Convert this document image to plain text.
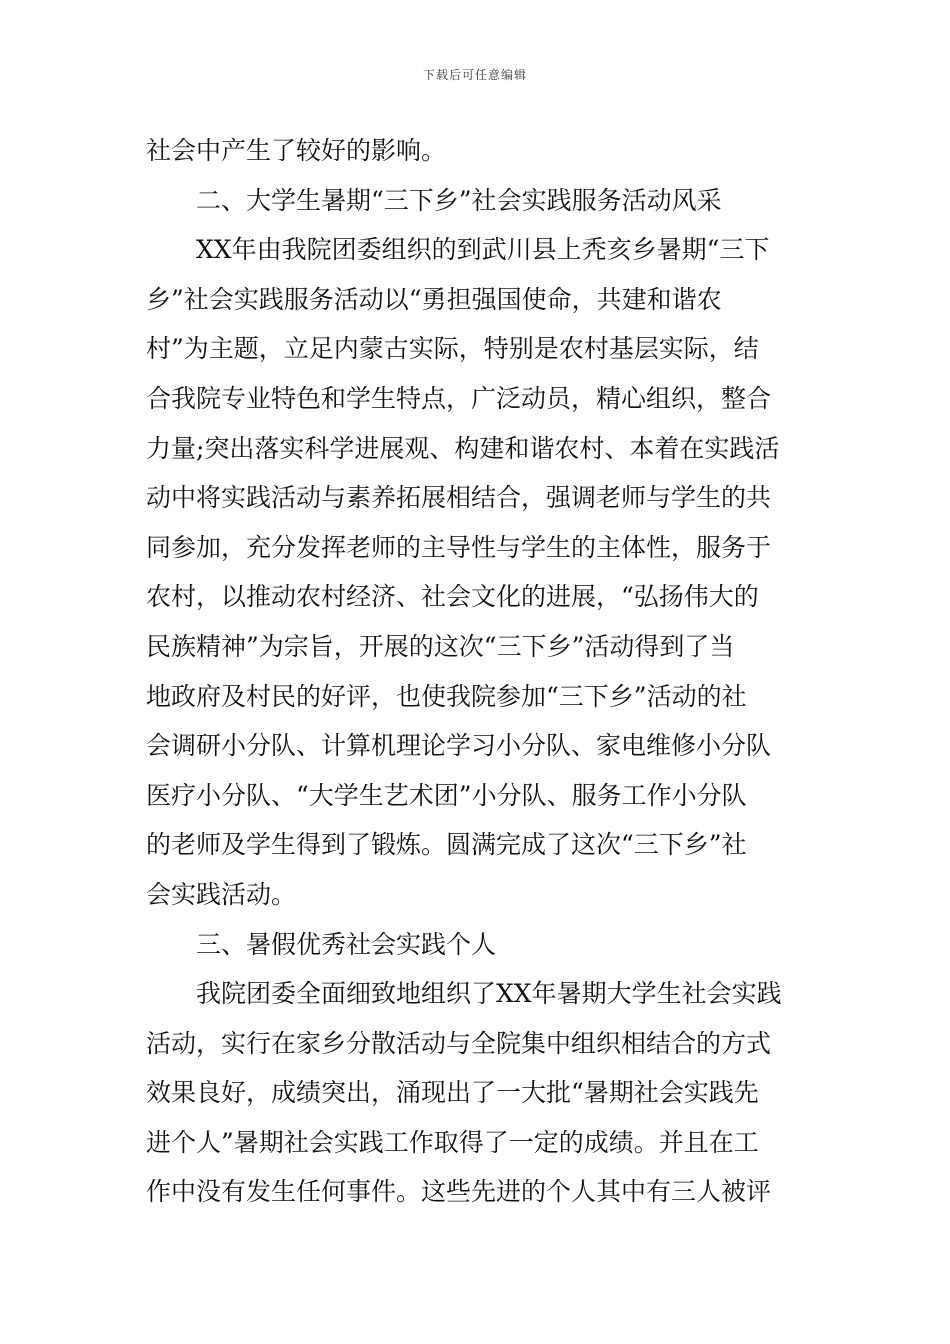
下载后可任意编辑
社会中产生了较好的影响。
二、大学生暑期“三下乡”社会实践服务活动风采
XX年由我院团委组织的到武川县上秃亥乡暑期“三下
乡”社会实践服务活动以“勇担强国使命，共建和谐农
村”为主题，立足内蒙古实际，特别是农村基层实际，结
合我院专业特色和学生特点，广泛动员，精心组织，整合
力量;突出落实科学进展观、构建和谐农村、本着在实践活
动中将实践活动与素养拓展相结合，强调老师与学生的共
同参加，充分发挥老师的主导性与学生的主体性，服务于
农村，以推动农村经济、社会文化的进展，“弘扬伟大的
民族精神”为宗旨，开展的这次“三下乡”活动得到了当
地政府及村民的好评，也使我院参加“三下乡”活动的社
会调研小分队、计算机理论学习小分队、家电维修小分队
医疗小分队、“大学生艺术团”小分队、服务工作小分队
的老师及学生得到了锻炼。圆满完成了这次“三下乡”社
会实践活动。
三、暑假优秀社会实践个人
我院团委全面细致地组织了XX年暑期大学生社会实践
活动，实行在家乡分散活动与全院集中组织相结合的方式
效果良好，成绩突出，涌现出了一大批“暑期社会实践先
进个人”暑期社会实践工作取得了一定的成绩。并且在工
作中没有发生任何事件。这些先进的个人其中有三人被评
